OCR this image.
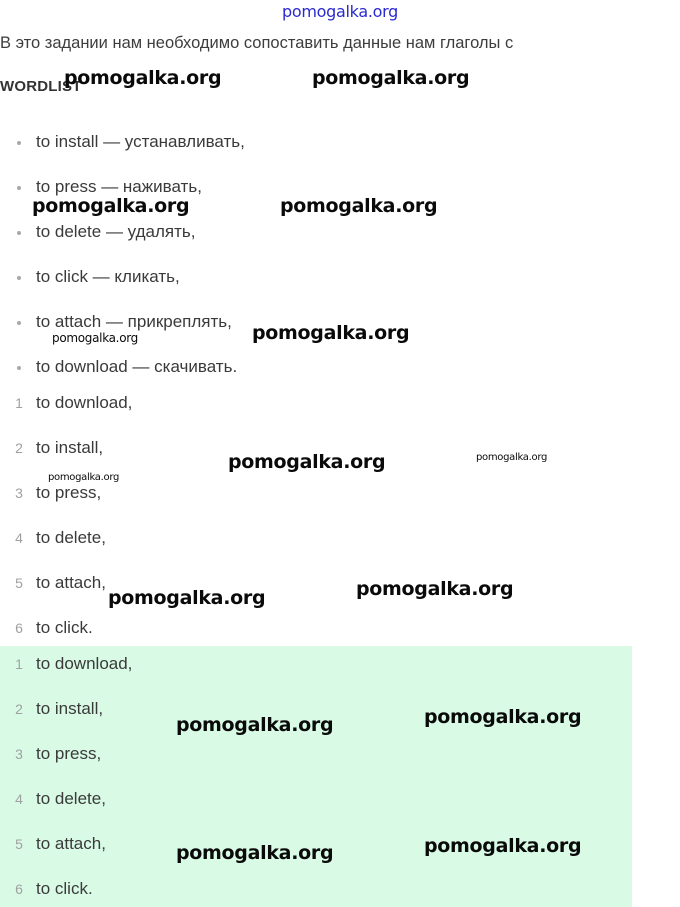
pomogalka.org
В это задании нам необходимо сопоставить данные нам глаголы с
WORDLIST
to install — устанавливать,
to press — наживать,
to delete — удалять,
to click — кликать,
to attach — прикреплять,
to download — скачивать.
1 to download,
2 to install,
3 to press,
4 to delete,
5 to attach,
6 to click.
1 to download,
2 to install,
3 to press,
4 to delete,
5 to attach,
6 to click.
pomogalka.org	pomogalka.org
pomogalka.org	pomogalka.org
pomogalka.org	pomogalka.org
pomogalka.org	pomogalka.org
pomogalka.org
pomogalka.org	pomogalka.org
pomogalka.org	pomogalka.org
pomogalka.org	pomogalka.org
